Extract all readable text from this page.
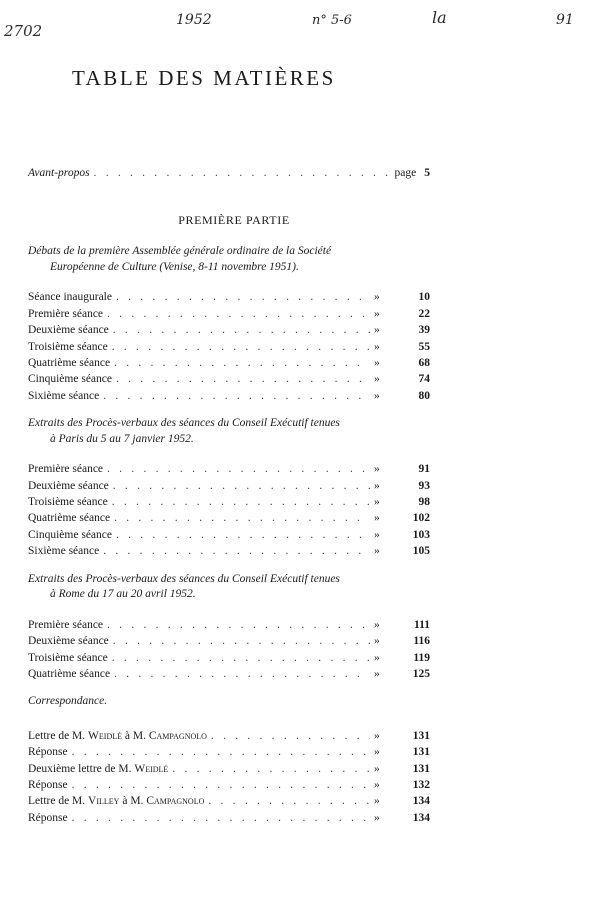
2702
1952	n° 5-6	la	91
TABLE DES MATIÈRES
Avant-propos . . .	page 5
PREMIÈRE PARTIE
Débats de la première Assemblée générale ordinaire de la Société
Européenne de Culture (Venise, 8-11 novembre 1951).
Séance inaugurale . . .	»	10
Première séance . . .	»	22
Deuxième séance . . .	»	39
Troisième séance . . .	»	55
Quatrième séance . . .	»	68
Cinquième séance . . .	»	74
Sixième séance . . .	»	80
Extraits des Procès-verbaux des séances du Conseil Exécutif tenues
à Paris du 5 au 7 janvier 1952.
Première séance . . .	»	91
Deuxième séance . . .	»	93
Troisième séance . . .	»	98
Quatrième séance . . .	»	102
Cinquième séance . . .	»	103
Sixième séance . . .	»	105
Extraits des Procès-verbaux des séances du Conseil Exécutif tenues
à Rome du 17 au 20 avril 1952.
Première séance . . .	»	111
Deuxième séance . . .	»	116
Troisième séance . . .	»	119
Quatrième séance . . .	»	125
Correspondance.
Lettre de M. Weidlé à M. Campagnolo . . .	»	131
Réponse . . .	»	131
Deuxième lettre de M. Weidlé . . .	»	131
Réponse . . .	»	132
Lettre de M. Villey à M. Campagnolo . . .	»	134
Réponse . . .	»	134
